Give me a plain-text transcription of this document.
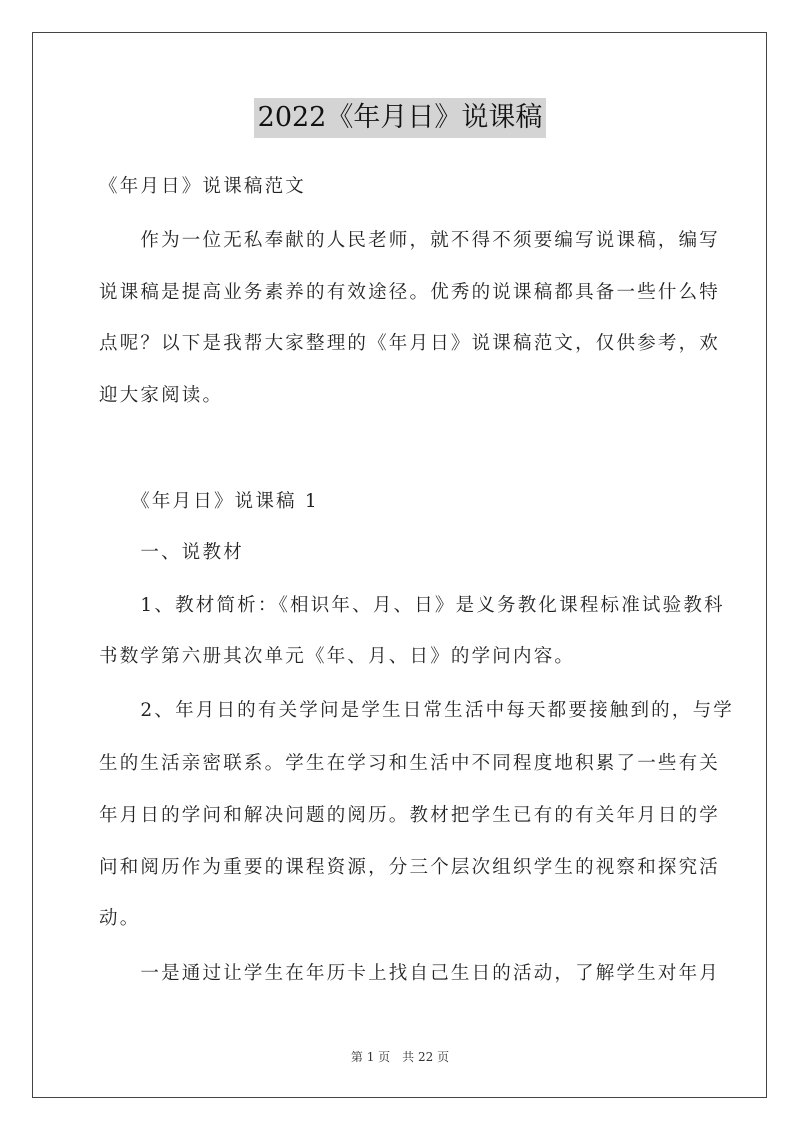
2022《年月日》说课稿
《年月日》说课稿范文
　　作为一位无私奉献的人民老师，就不得不须要编写说课稿，编写
说课稿是提高业务素养的有效途径。优秀的说课稿都具备一些什么特
点呢？以下是我帮大家整理的《年月日》说课稿范文，仅供参考，欢
迎大家阅读。
　　《年月日》说课稿 1
　　一、说教材
　　1、教材简析：《相识年、月、日》是义务教化课程标准试验教科
书数学第六册其次单元《年、月、日》的学问内容。
　　2、年月日的有关学问是学生日常生活中每天都要接触到的，与学
生的生活亲密联系。学生在学习和生活中不同程度地积累了一些有关
年月日的学问和解决问题的阅历。教材把学生已有的有关年月日的学
问和阅历作为重要的课程资源，分三个层次组织学生的视察和探究活
动。
　　一是通过让学生在年历卡上找自己生日的活动，了解学生对年月
第 1 页　共 22 页
